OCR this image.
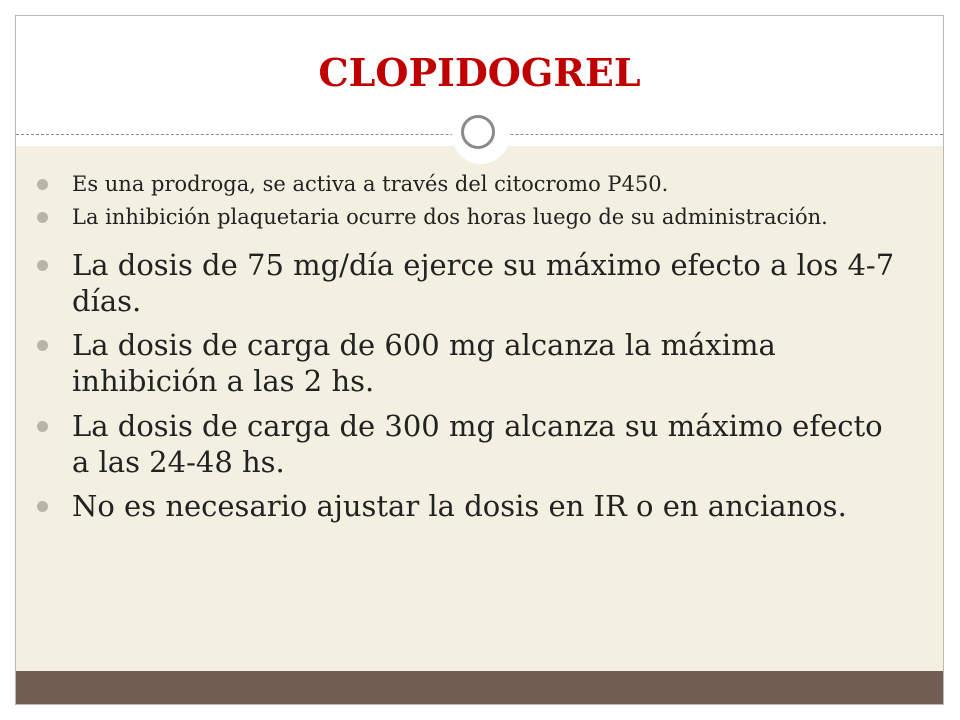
CLOPIDOGREL
Es una prodroga, se activa a través del citocromo P450.
La inhibición plaquetaria ocurre dos horas luego de su administración.
La dosis de 75 mg/día ejerce su máximo efecto a los 4-7 días.
La dosis de carga de 600 mg alcanza la máxima inhibición a las 2 hs.
La dosis de carga de 300 mg alcanza su máximo efecto a las 24-48 hs.
No es necesario ajustar la dosis en IR o en ancianos.
